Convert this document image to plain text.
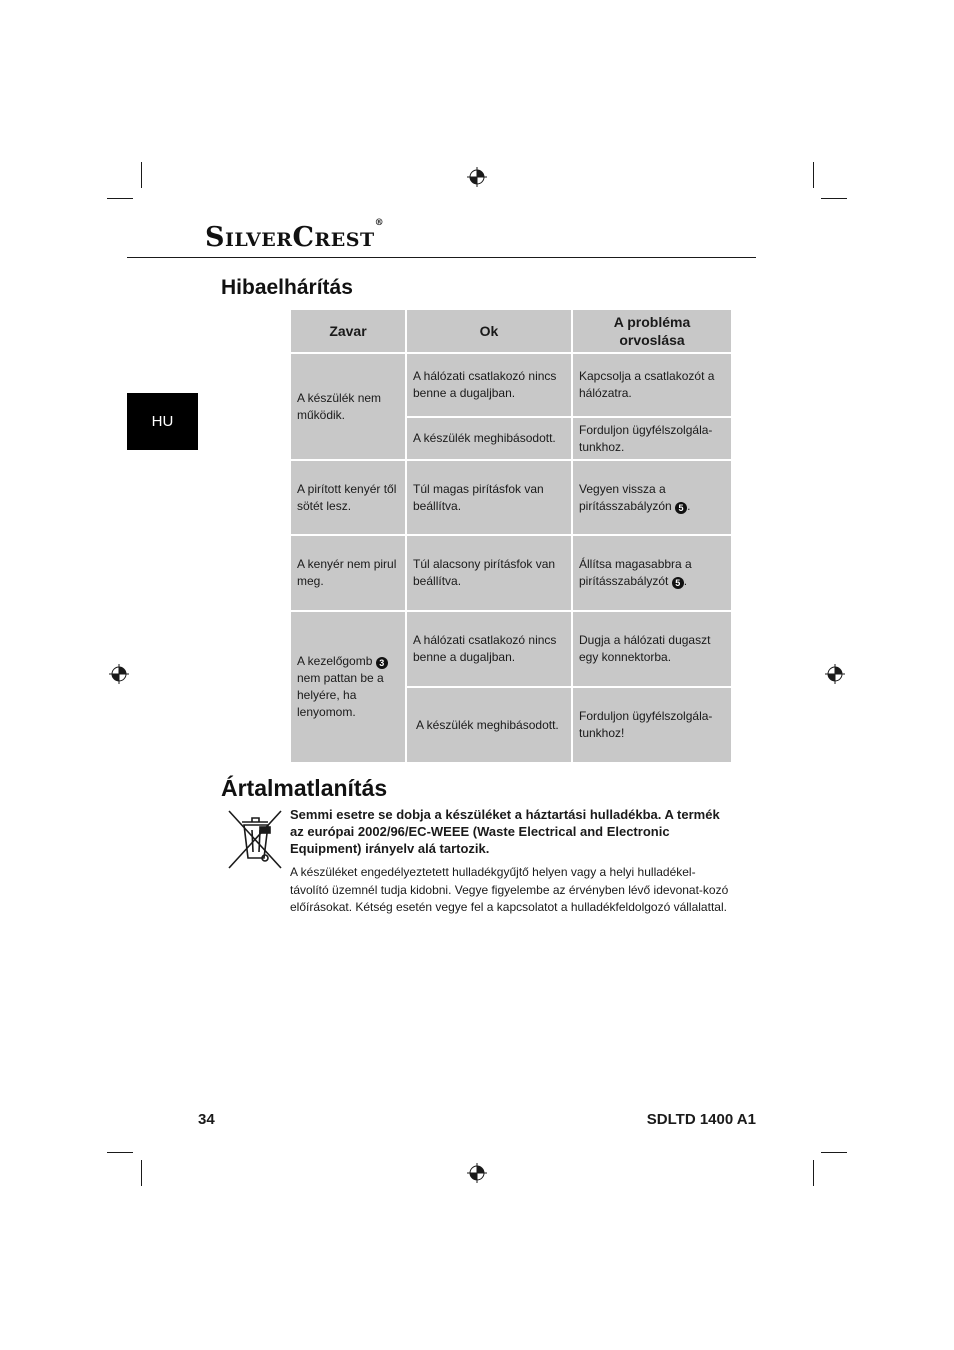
SILVERCREST®
HU
Hibaelhárítás
Zavar	Ok
A probléma orvoslása
A készülék nem működik.
A hálózati csatlakozó nincs benne a dugaljban.
Kapcsolja a csatlakozót a hálózatra.
A készülék meghibásodott.
Forduljon ügyfélszolgála-tunkhoz.
A pirított kenyér től sötét lesz.
Túl magas pirításfok van beállítva.
Vegyen vissza a pirításszabályzón 5 .
A kenyér nem pirul meg.
Túl alacsony pirításfok van beállítva.
Állítsa magasabbra a pirításszabályzót 5 .
A kezelőgomb 3 nem pattan be a helyére, ha lenyomom.
A hálózati csatlakozó nincs benne a dugaljban.
Dugja a hálózati dugaszt egy konnektorba.
A készülék meghibásodott.
Forduljon ügyfélszolgála-tunkhoz!
Ártalmatlanítás
Semmi esetre se dobja a készüléket a háztartási hulladékba. A termék az európai 2002/96/EC-WEEE (Waste Electrical and Electronic Equipment) irányelv alá tartozik.
A készüléket engedélyeztetett hulladékgyűjtő helyen vagy a helyi hulladékel-távolító üzemnél tudja kidobni. Vegye figyelembe az érvényben lévő idevonat-kozó előírásokat. Kétség esetén vegye fel a kapcsolatot a hulladékfeldolgozó vállalattal.
34	SDLTD 1400 A1
